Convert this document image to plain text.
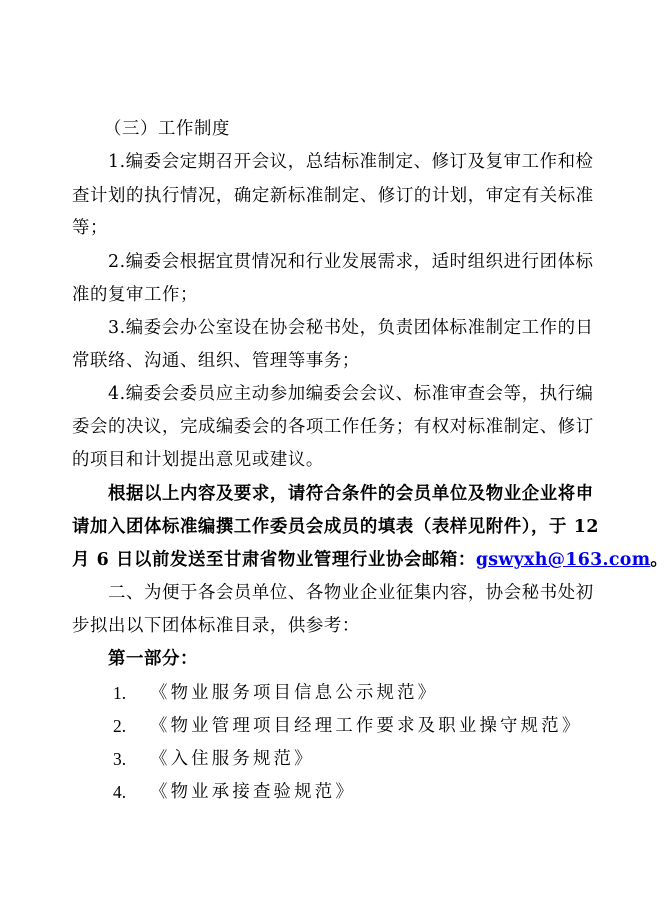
（三）工作制度
1.编委会定期召开会议，总结标准制定、修订及复审工作和检
查计划的执行情况，确定新标准制定、修订的计划，审定有关标准
等；
2.编委会根据宜贯情况和行业发展需求，适时组织进行团体标
准的复审工作；
3.编委会办公室设在协会秘书处，负责团体标准制定工作的日
常联络、沟通、组织、管理等事务；
4.编委会委员应主动参加编委会会议、标准审查会等，执行编
委会的决议，完成编委会的各项工作任务；有权对标准制定、修订
的项目和计划提出意见或建议。
根据以上内容及要求，请符合条件的会员单位及物业企业将申
请加入团体标准编撰工作委员会成员的填表（表样见附件），于 12
月 6 日以前发送至甘肃省物业管理行业协会邮箱：gswyxh@163.com。
二、为便于各会员单位、各物业企业征集内容，协会秘书处初
步拟出以下团体标准目录，供参考：
第一部分：
1. 《物业服务项目信息公示规范》
2. 《物业管理项目经理工作要求及职业操守规范》
3. 《入住服务规范》
4. 《物业承接查验规范》
